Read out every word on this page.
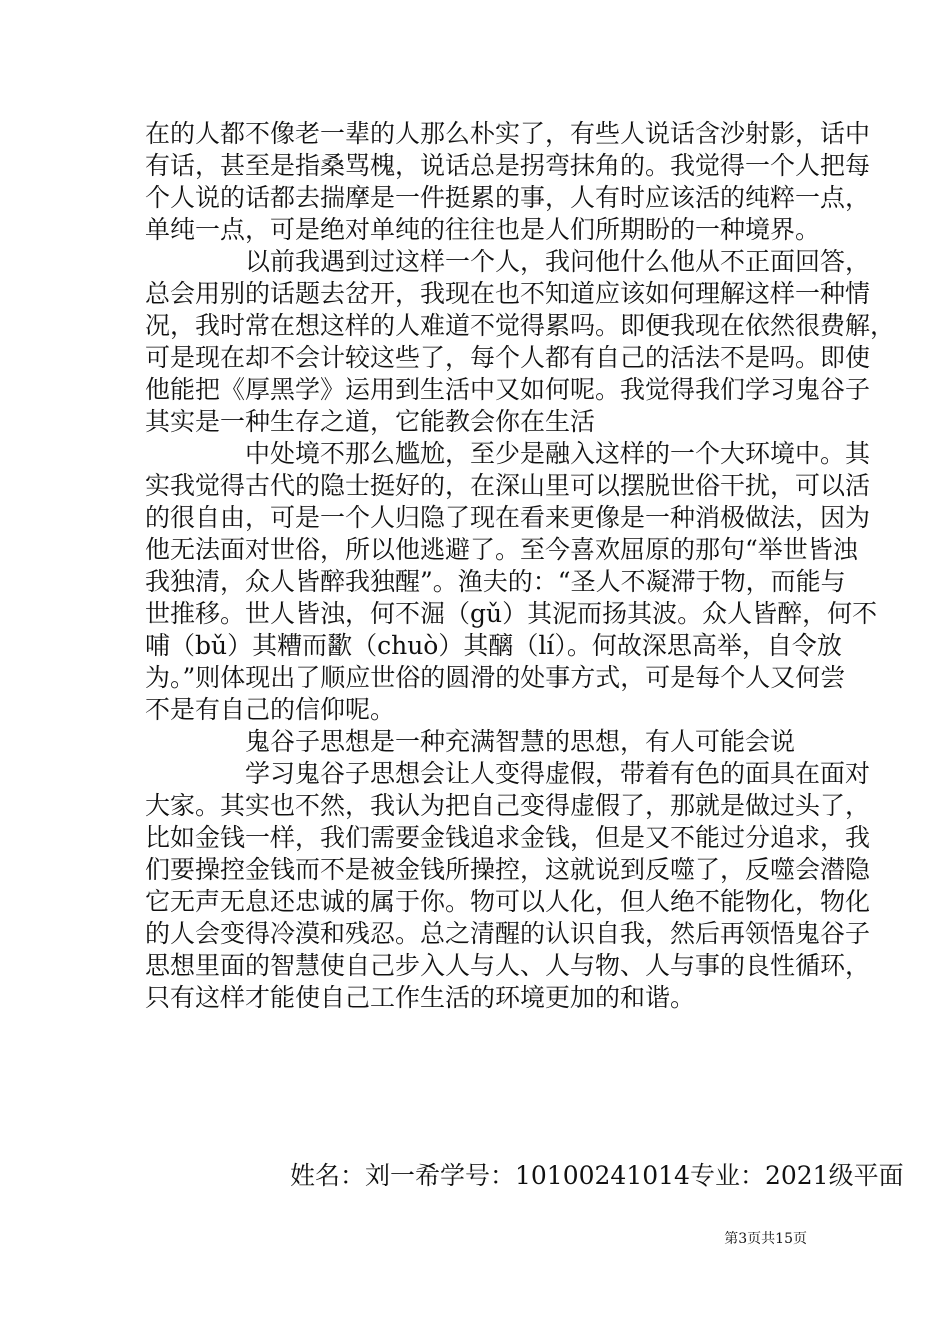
在的人都不像老一辈的人那么朴实了，有些人说话含沙射影，话中
有话，甚至是指桑骂槐，说话总是拐弯抹角的。我觉得一个人把每
个人说的话都去揣摩是一件挺累的事，人有时应该活的纯粹一点，
单纯一点，可是绝对单纯的往往也是人们所期盼的一种境界。
以前我遇到过这样一个人，我问他什么他从不正面回答，
总会用别的话题去岔开，我现在也不知道应该如何理解这样一种情
况，我时常在想这样的人难道不觉得累吗。即便我现在依然很费解，
可是现在却不会计较这些了，每个人都有自己的活法不是吗。即使
他能把《厚黑学》运用到生活中又如何呢。我觉得我们学习鬼谷子
其实是一种生存之道，它能教会你在生活
中处境不那么尴尬，至少是融入这样的一个大环境中。其
实我觉得古代的隐士挺好的，在深山里可以摆脱世俗干扰，可以活
的很自由，可是一个人归隐了现在看来更像是一种消极做法，因为
他无法面对世俗，所以他逃避了。至今喜欢屈原的那句“举世皆浊
我独清，众人皆醉我独醒”。渔夫的：“圣人不凝滞于物，而能与
世推移。世人皆浊，何不淈（gǔ）其泥而扬其波。众人皆醉，何不
哺（bǔ）其糟而歠（chuò）其醨（lí）。何故深思高举，自令放
为。”则体现出了顺应世俗的圆滑的处事方式，可是每个人又何尝
不是有自己的信仰呢。
鬼谷子思想是一种充满智慧的思想，有人可能会说
学习鬼谷子思想会让人变得虚假，带着有色的面具在面对
大家。其实也不然，我认为把自己变得虚假了，那就是做过头了，
比如金钱一样，我们需要金钱追求金钱，但是又不能过分追求，我
们要操控金钱而不是被金钱所操控，这就说到反噬了，反噬会潜隐
它无声无息还忠诚的属于你。物可以人化，但人绝不能物化，物化
的人会变得冷漠和残忍。总之清醒的认识自我，然后再领悟鬼谷子
思想里面的智慧使自己步入人与人、人与物、人与事的良性循环，
只有这样才能使自己工作生活的环境更加的和谐。
姓名：刘一希学号：10100241014专业：2021级平面
第3页共15页
